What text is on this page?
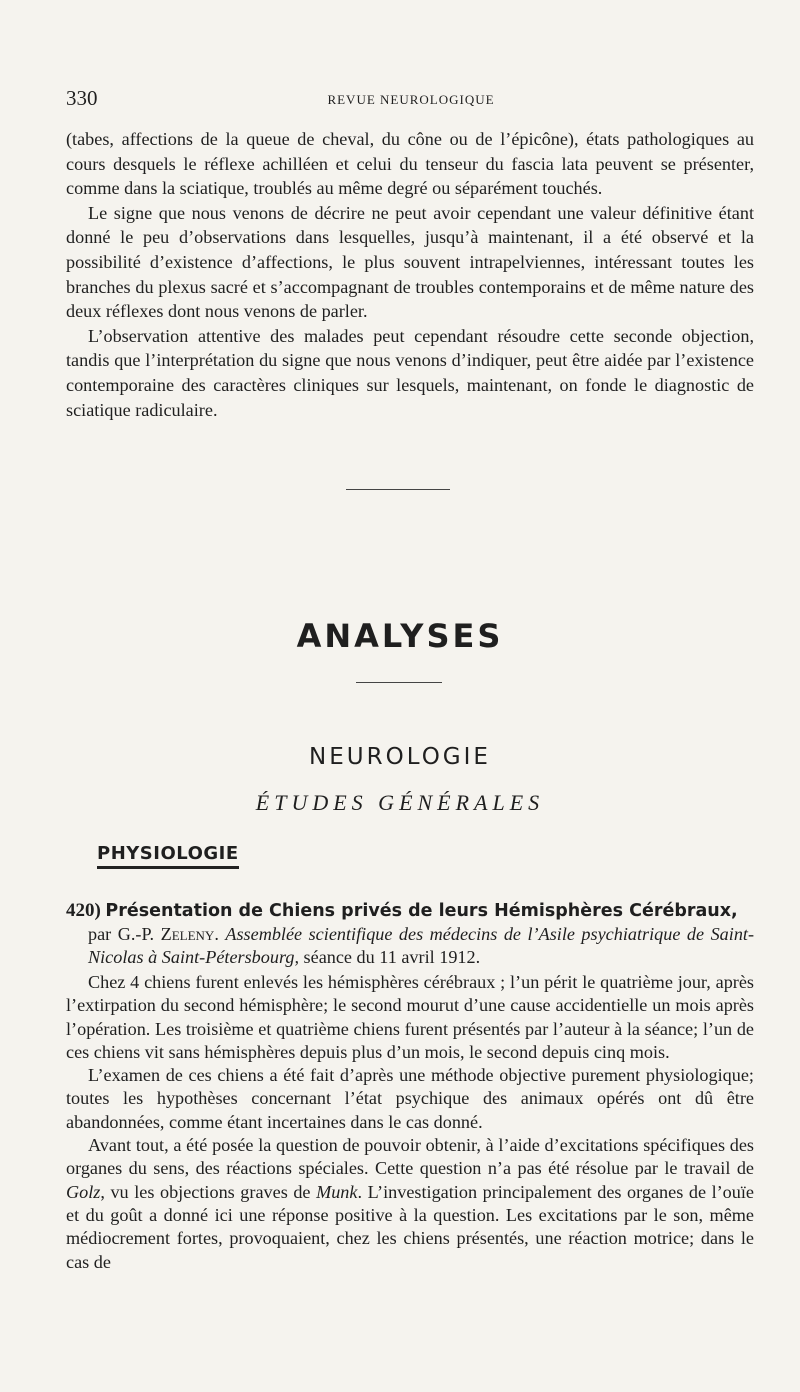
330	REVUE NEUROLOGIQUE

(tabes, affections de la queue de cheval, du cône ou de l’épicône), états pathologiques au cours desquels le réflexe achilléen et celui du tenseur du fascia lata peuvent se présenter, comme dans la sciatique, troublés au même degré ou séparément touchés.

Le signe que nous venons de décrire ne peut avoir cependant une valeur définitive étant donné le peu d’observations dans lesquelles, jusqu’à maintenant, il a été observé et la possibilité d’existence d’affections, le plus souvent intrapelviennes, intéressant toutes les branches du plexus sacré et s’accompagnant de troubles contemporains et de même nature des deux réflexes dont nous venons de parler.

L’observation attentive des malades peut cependant résoudre cette seconde objection, tandis que l’interprétation du signe que nous venons d’indiquer, peut être aidée par l’existence contemporaine des caractères cliniques sur lesquels, maintenant, on fonde le diagnostic de sciatique radiculaire.

ANALYSES
NEUROLOGIE
ÉTUDES GÉNÉRALES
PHYSIOLOGIE
420) Présentation de Chiens privés de leurs Hémisphères Cérébraux,
par G.-P. Zeleny. Assemblée scientifique des médecins de l’Asile psychiatrique de Saint-Nicolas à Saint-Pétersbourg, séance du 11 avril 1912.

Chez 4 chiens furent enlevés les hémisphères cérébraux ; l’un périt le quatrième jour, après l’extirpation du second hémisphère; le second mourut d’une cause accidentielle un mois après l’opération. Les troisième et quatrième chiens furent présentés par l’auteur à la séance; l’un de ces chiens vit sans hémisphères depuis plus d’un mois, le second depuis cinq mois.

L’examen de ces chiens a été fait d’après une méthode objective purement physiologique; toutes les hypothèses concernant l’état psychique des animaux opérés ont dû être abandonnées, comme étant incertaines dans le cas donné.

Avant tout, a été posée la question de pouvoir obtenir, à l’aide d’excitations spécifiques des organes du sens, des réactions spéciales. Cette question n’a pas été résolue par le travail de Golz, vu les objections graves de Munk. L’investigation principalement des organes de l’ouïe et du goût a donné ici une réponse positive à la question. Les excitations par le son, même médiocrement fortes, provoquaient, chez les chiens présentés, une réaction motrice; dans le cas de
